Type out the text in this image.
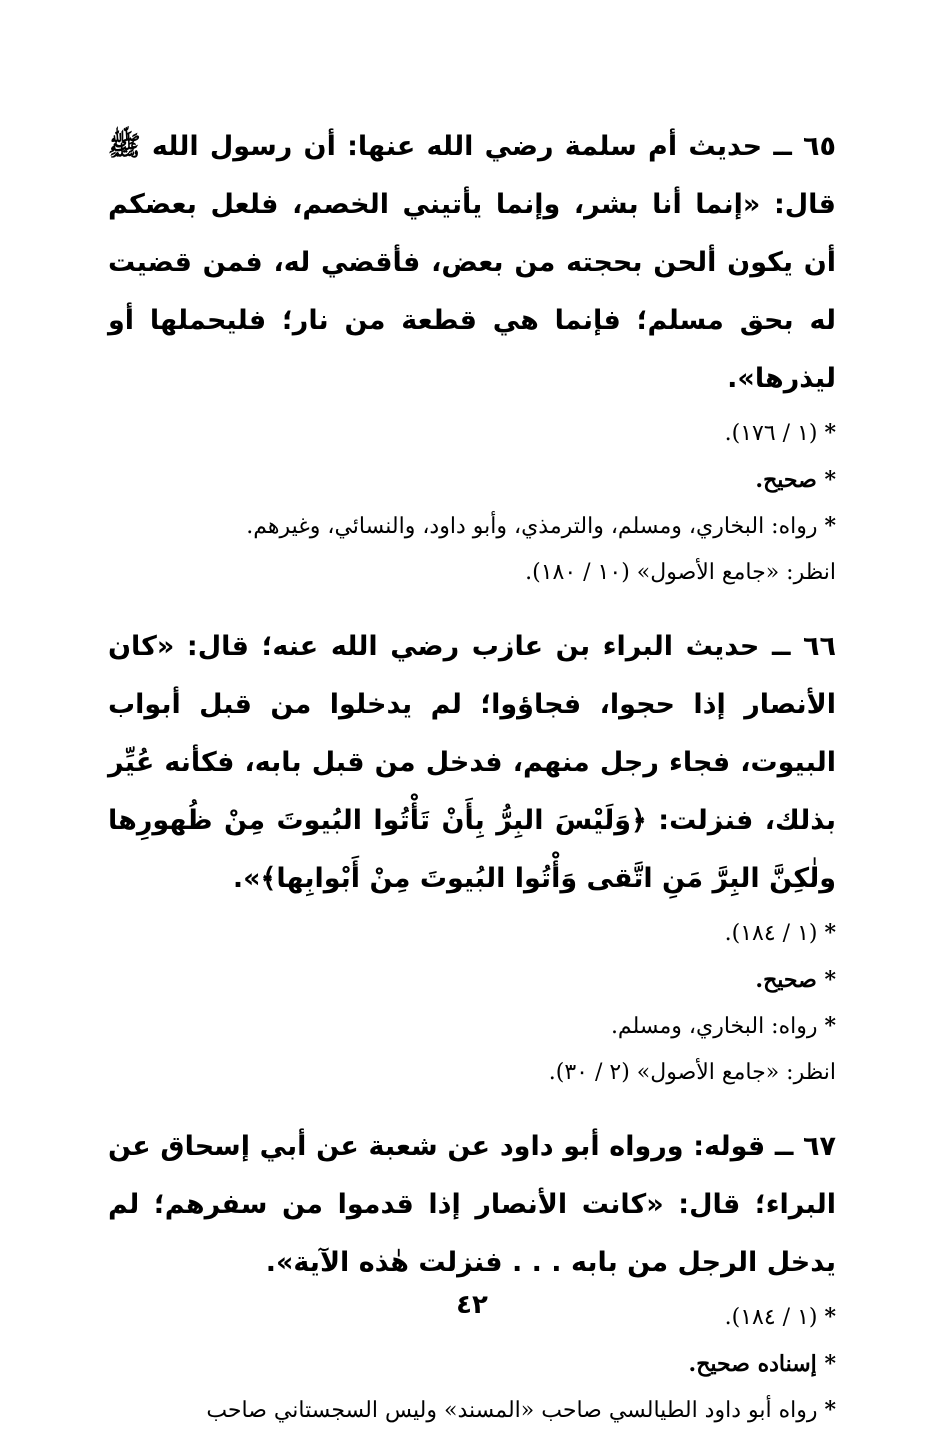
٦٥ ــ حديث أم سلمة رضي الله عنها: أن رسول الله ﷺ قال: «إنما أنا بشر، وإنما يأتيني الخصم، فلعل بعضكم أن يكون ألحن بحجته من بعض، فأقضي له، فمن قضيت له بحق مسلم؛ فإنما هي قطعة من نار؛ فليحملها أو ليذرها».

* (١ / ١٧٦).
* صحيح.
* رواه: البخاري، ومسلم، والترمذي، وأبو داود، والنسائي، وغيرهم.
انظر: «جامع الأصول» (١٠ / ١٨٠).

٦٦ ــ حديث البراء بن عازب رضي الله عنه؛ قال: «كان الأنصار إذا حجوا، فجاؤوا؛ لم يدخلوا من قبل أبواب البيوت، فجاء رجل منهم، فدخل من قبل بابه، فكأنه عُيِّر بذلك، فنزلت: ﴿وَلَيْسَ البِرُّ بِأَنْ تَأْتُوا البُيوتَ مِنْ ظُهورِها ولٰكِنَّ البِرَّ مَنِ اتَّقى وَأْتُوا البُيوتَ مِنْ أَبْوابِها﴾».

* (١ / ١٨٤).
* صحيح.
* رواه: البخاري، ومسلم.
انظر: «جامع الأصول» (٢ / ٣٠).

٦٧ ــ قوله: ورواه أبو داود عن شعبة عن أبي إسحاق عن البراء؛ قال: «كانت الأنصار إذا قدموا من سفرهم؛ لم يدخل الرجل من بابه . . . فنزلت هٰذه الآية».

* (١ / ١٨٤).
* إسناده صحيح.
* رواه أبو داود الطيالسي صاحب «المسند» وليس السجستاني صاحب
٤٢
